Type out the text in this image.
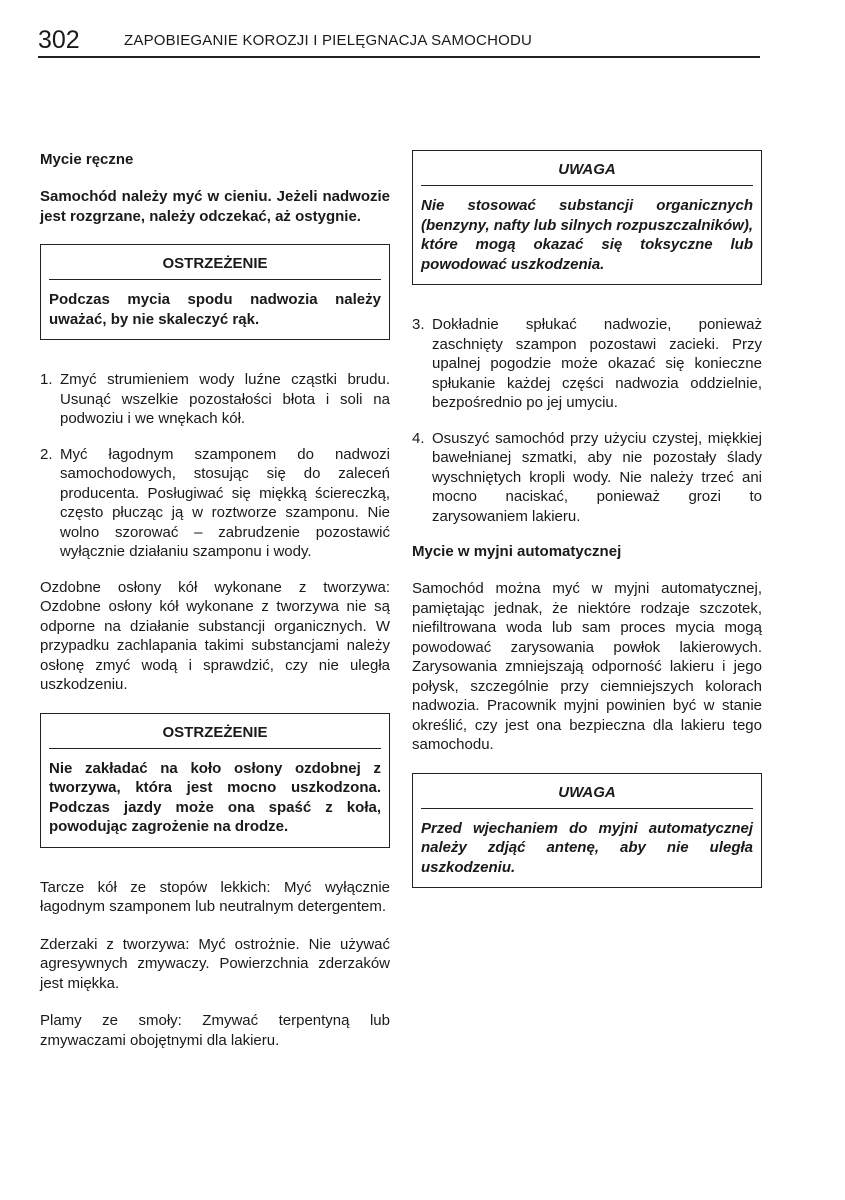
302	ZAPOBIEGANIE KOROZJI I PIELĘGNACJA SAMOCHODU
Mycie ręczne
Samochód należy myć w cieniu. Jeżeli nadwozie jest rozgrzane, należy odczekać, aż ostygnie.
OSTRZEŻENIE
Podczas mycia spodu nadwozia należy uważać, by nie skaleczyć rąk.
1. Zmyć strumieniem wody luźne cząstki brudu. Usunąć wszelkie pozostałości błota i soli na podwoziu i we wnękach kół.
2. Myć łagodnym szamponem do nadwozi samochodowych, stosując się do zaleceń producenta. Posługiwać się miękką ściereczką, często płucząc ją w roztworze szamponu. Nie wolno szorować – zabrudzenie pozostawić wyłącznie działaniu szamponu i wody.
Ozdobne osłony kół wykonane z tworzywa: Ozdobne osłony kół wykonane z tworzywa nie są odporne na działanie substancji organicznych. W przypadku zachlapania takimi substancjami należy osłonę zmyć wodą i sprawdzić, czy nie uległa uszkodzeniu.
OSTRZEŻENIE
Nie zakładać na koło osłony ozdobnej z tworzywa, która jest mocno uszkodzona. Podczas jazdy może ona spaść z koła, powodując zagrożenie na drodze.
Tarcze kół ze stopów lekkich: Myć wyłącznie łagodnym szamponem lub neutralnym detergentem.
Zderzaki z tworzywa: Myć ostrożnie. Nie używać agresywnych zmywaczy. Powierzchnia zderzaków jest miękka.
Plamy ze smoły: Zmywać terpentyną lub zmywaczami obojętnymi dla lakieru.
UWAGA
Nie stosować substancji organicznych (benzyny, nafty lub silnych rozpuszczalników), które mogą okazać się toksyczne lub powodować uszkodzenia.
3. Dokładnie spłukać nadwozie, ponieważ zaschnięty szampon pozostawi zacieki. Przy upalnej pogodzie może okazać się konieczne spłukanie każdej części nadwozia oddzielnie, bezpośrednio po jej umyciu.
4. Osuszyć samochód przy użyciu czystej, miękkiej bawełnianej szmatki, aby nie pozostały ślady wyschniętych kropli wody. Nie należy trzeć ani mocno naciskać, ponieważ grozi to zarysowaniem lakieru.
Mycie w myjni automatycznej
Samochód można myć w myjni automatycznej, pamiętając jednak, że niektóre rodzaje szczotek, niefiltrowana woda lub sam proces mycia mogą powodować zarysowania powłok lakierowych. Zarysowania zmniejszają odporność lakieru i jego połysk, szczególnie przy ciemniejszych kolorach nadwozia. Pracownik myjni powinien być w stanie określić, czy jest ona bezpieczna dla lakieru tego samochodu.
UWAGA
Przed wjechaniem do myjni automatycznej należy zdjąć antenę, aby nie uległa uszkodzeniu.
